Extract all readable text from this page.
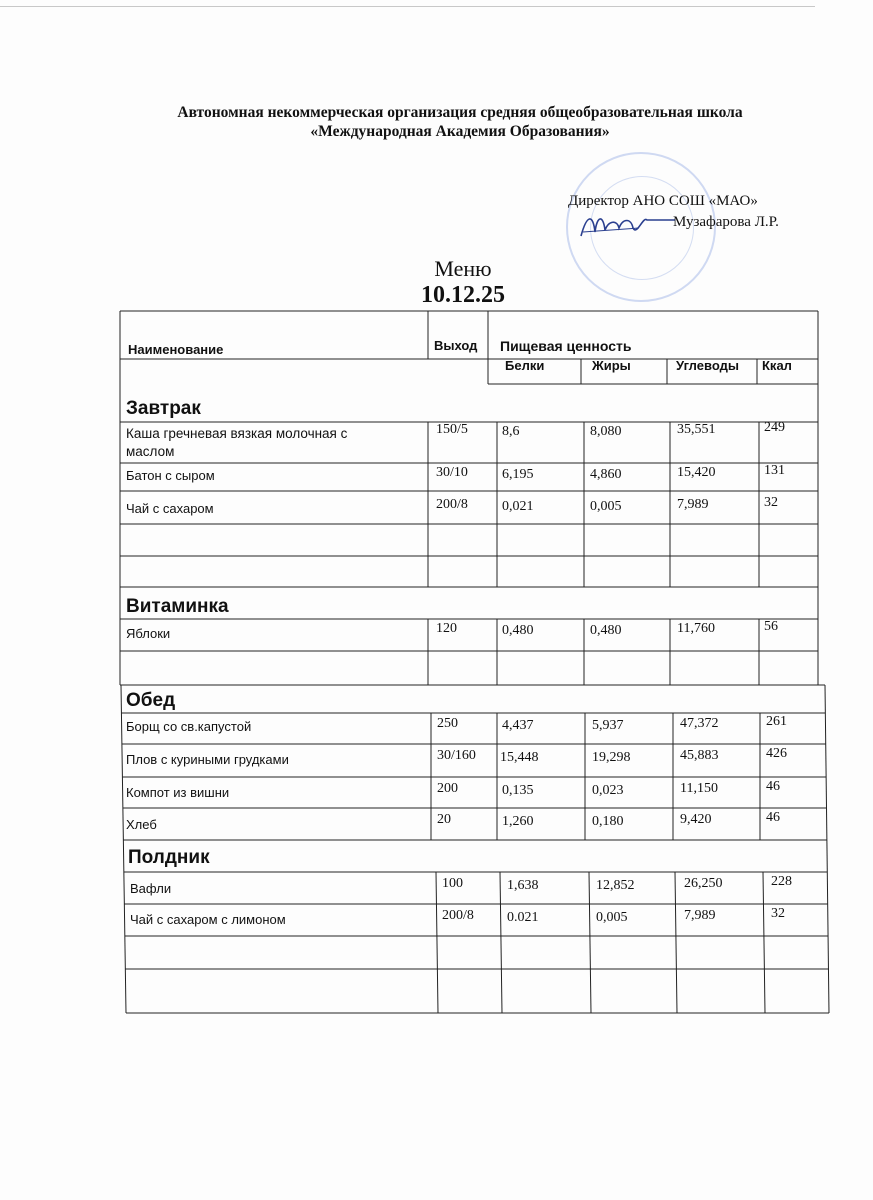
Автономная некоммерческая организация средняя общеобразовательная школа
«Международная Академия Образования»
Директор АНО СОШ «МАО»
Музафарова Л.Р.
Меню
10.12.25
Наименование	Выход Пищевая ценность
Белки	Жиры	Углеводы Ккал
Завтрак
Каша гречневая вязкая молочная с
маслом
150/5 8,6	8,080	35,551	249
Батон с сыром	30/10 6,195	4,860	15,420	131
Чай с сахаром	200/8 0,021	0,005	7,989	32
Витаминка
Яблоки	120	0,480	0,480	11,760	56
Обед
Борщ со св.капустой	250	4,437	5,937	47,372	261
Плов с куриными грудками	30/160 15,448	19,298	45,883	426
Компот из вишни	200	0,135	0,023	11,150	46
Хлеб	20	1,260	0,180	9,420	46
Полдник
Вафли	100	1,638	12,852	26,250	228
Чай с сахаром с лимоном	200/8 0.021	0,005	7,989	32
